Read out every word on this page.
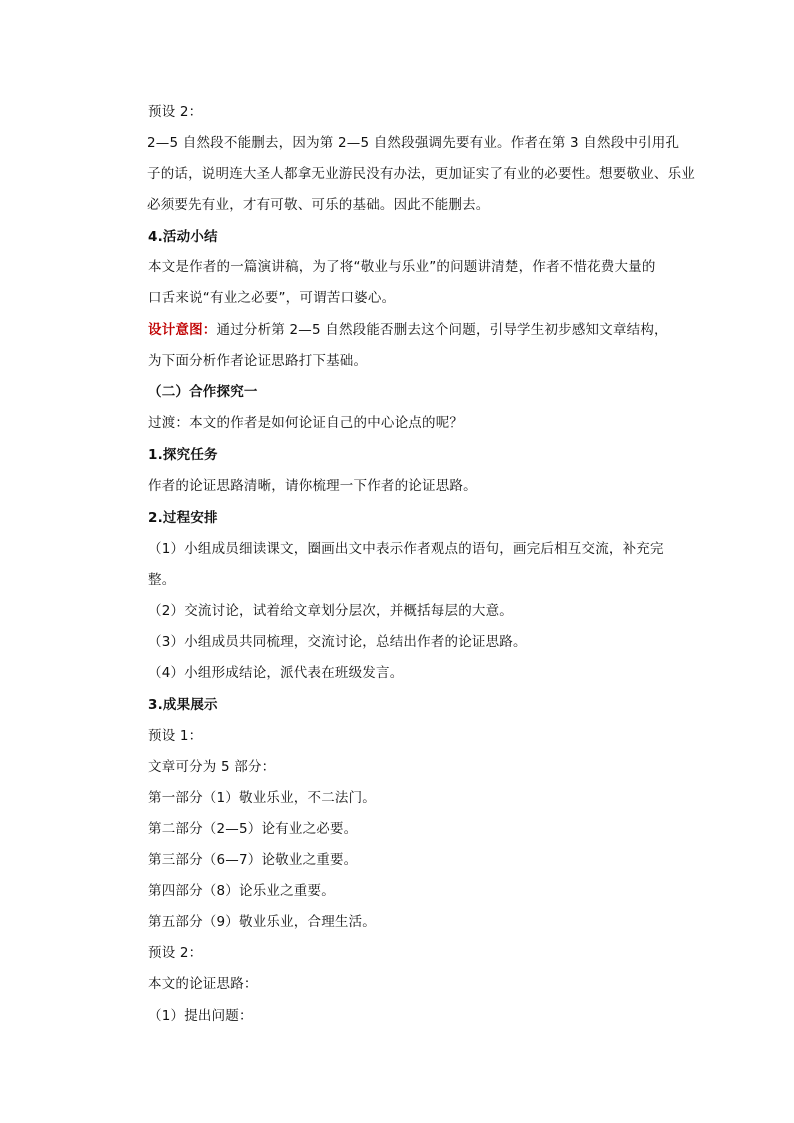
预设 2：
2—5 自然段不能删去，因为第 2—5 自然段强调先要有业。作者在第 3 自然段中引用孔
子的话，说明连大圣人都拿无业游民没有办法，更加证实了有业的必要性。想要敬业、乐业
必须要先有业，才有可敬、可乐的基础。因此不能删去。
4.活动小结
本文是作者的一篇演讲稿，为了将“敬业与乐业”的问题讲清楚，作者不惜花费大量的
口舌来说“有业之必要”，可谓苦口婆心。
设计意图：通过分析第 2—5 自然段能否删去这个问题，引导学生初步感知文章结构，
为下面分析作者论证思路打下基础。
（二）合作探究一
过渡：本文的作者是如何论证自己的中心论点的呢？
1.探究任务
作者的论证思路清晰，请你梳理一下作者的论证思路。
2.过程安排
（1）小组成员细读课文，圈画出文中表示作者观点的语句，画完后相互交流，补充完
整。
（2）交流讨论，试着给文章划分层次，并概括每层的大意。
（3）小组成员共同梳理，交流讨论，总结出作者的论证思路。
（4）小组形成结论，派代表在班级发言。
3.成果展示
预设 1：
文章可分为 5 部分：
第一部分（1）敬业乐业，不二法门。
第二部分（2—5）论有业之必要。
第三部分（6—7）论敬业之重要。
第四部分（8）论乐业之重要。
第五部分（9）敬业乐业，合理生活。
预设 2：
本文的论证思路：
（1）提出问题：
